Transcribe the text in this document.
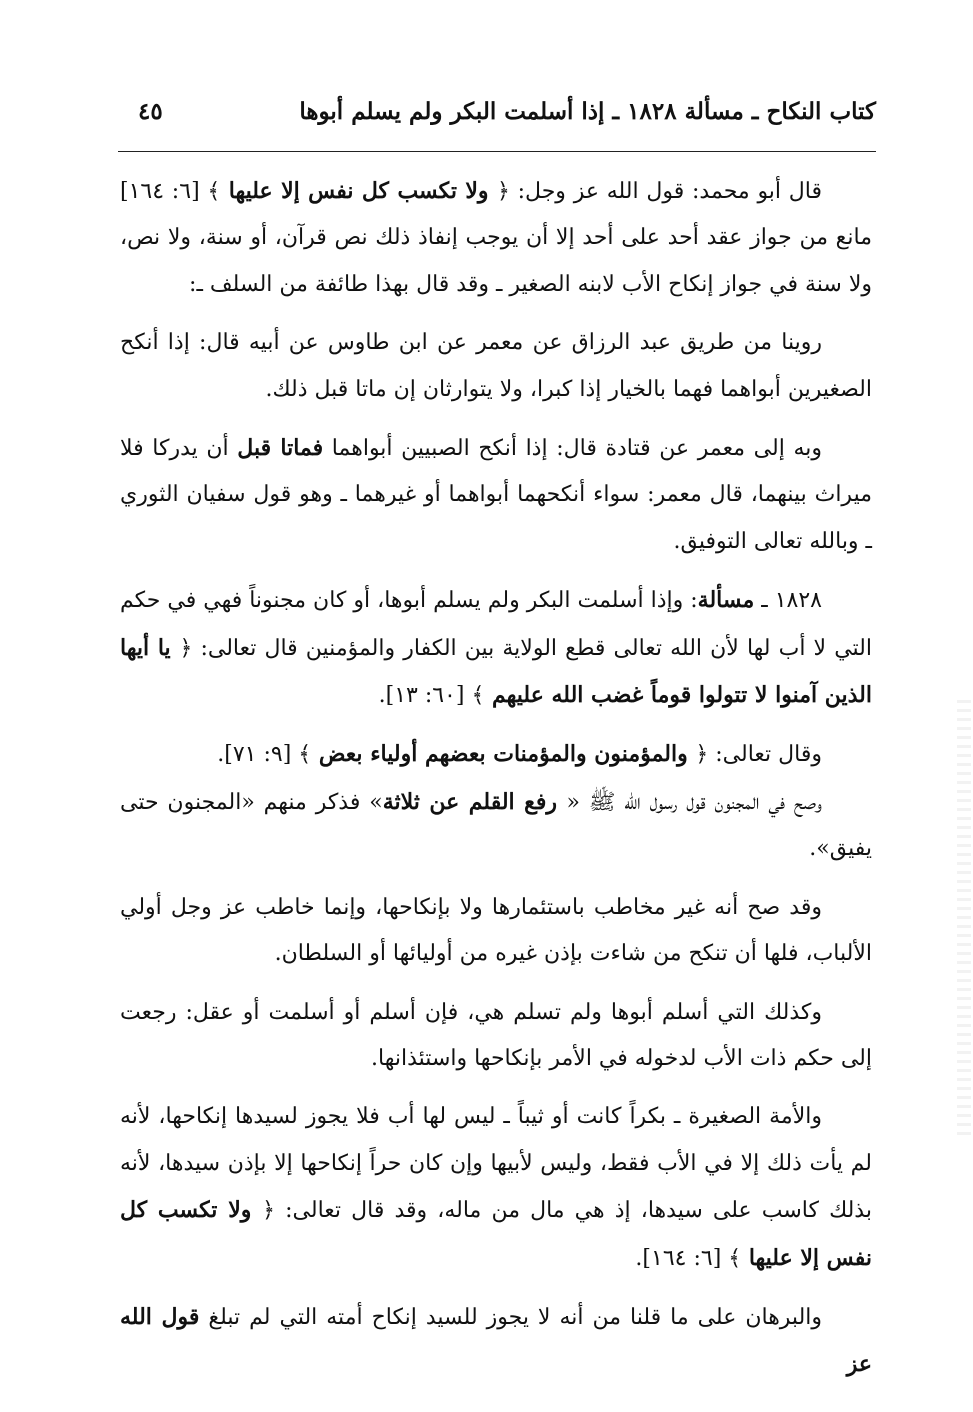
كتاب النكاح ـ مسألة ١٨٢٨ ـ إذا أسلمت البكر ولم يسلم أبوها
٤٥

قال أبو محمد: قول الله عز وجل: ﴿ ولا تكسب كل نفس إلا عليها ﴾ [٦: ١٦٤] مانع من جواز عقد أحد على أحد إلا أن يوجب إنفاذ ذلك نص قرآن، أو سنة، ولا نص، ولا سنة في جواز إنكاح الأب لابنه الصغير ـ وقد قال بهذا طائفة من السلف ـ:

روينا من طريق عبد الرزاق عن معمر عن ابن طاوس عن أبيه قال: إذا أنكح الصغيرين أبواهما فهما بالخيار إذا كبرا، ولا يتوارثان إن ماتا قبل ذلك.

وبه إلى معمر عن قتادة قال: إذا أنكح الصبيين أبواهما فماتا قبل أن يدركا فلا ميراث بينهما، قال معمر: سواء أنكحهما أبواهما أو غيرهما ـ وهو قول سفيان الثوري ـ وبالله تعالى التوفيق.

١٨٢٨ ـ مسألة: وإذا أسلمت البكر ولم يسلم أبوها، أو كان مجنوناً فهي في حكم التي لا أب لها لأن الله تعالى قطع الولاية بين الكفار والمؤمنين قال تعالى: ﴿ يا أيها الذين آمنوا لا تتولوا قوماً غضب الله عليهم ﴾ [٦٠: ١٣].

وقال تعالى: ﴿ والمؤمنون والمؤمنات بعضهم أولياء بعض ﴾ [٩: ٧١].

وصح في المجنون قول رسول الله ﷺ « رفع القلم عن ثلاثة» فذكر منهم «المجنون حتى يفيق».

وقد صح أنه غير مخاطب باستئمارها ولا بإنكاحها، وإنما خاطب عز وجل أولي الألباب، فلها أن تنكح من شاءت بإذن غيره من أوليائها أو السلطان.

وكذلك التي أسلم أبوها ولم تسلم هي، فإن أسلم أو أسلمت أو عقل: رجعت إلى حكم ذات الأب لدخوله في الأمر بإنكاحها واستئذانها.

والأمة الصغيرة ـ بكراً كانت أو ثيباً ـ ليس لها أب فلا يجوز لسيدها إنكاحها، لأنه لم يأت ذلك إلا في الأب فقط، وليس لأبيها وإن كان حراً إنكاحها إلا بإذن سيدها، لأنه بذلك كاسب على سيدها، إذ هي مال من ماله، وقد قال تعالى: ﴿ ولا تكسب كل نفس إلا عليها ﴾ [٦: ١٦٤].

والبرهان على ما قلنا من أنه لا يجوز للسيد إنكاح أمته التي لم تبلغ قول الله عز
